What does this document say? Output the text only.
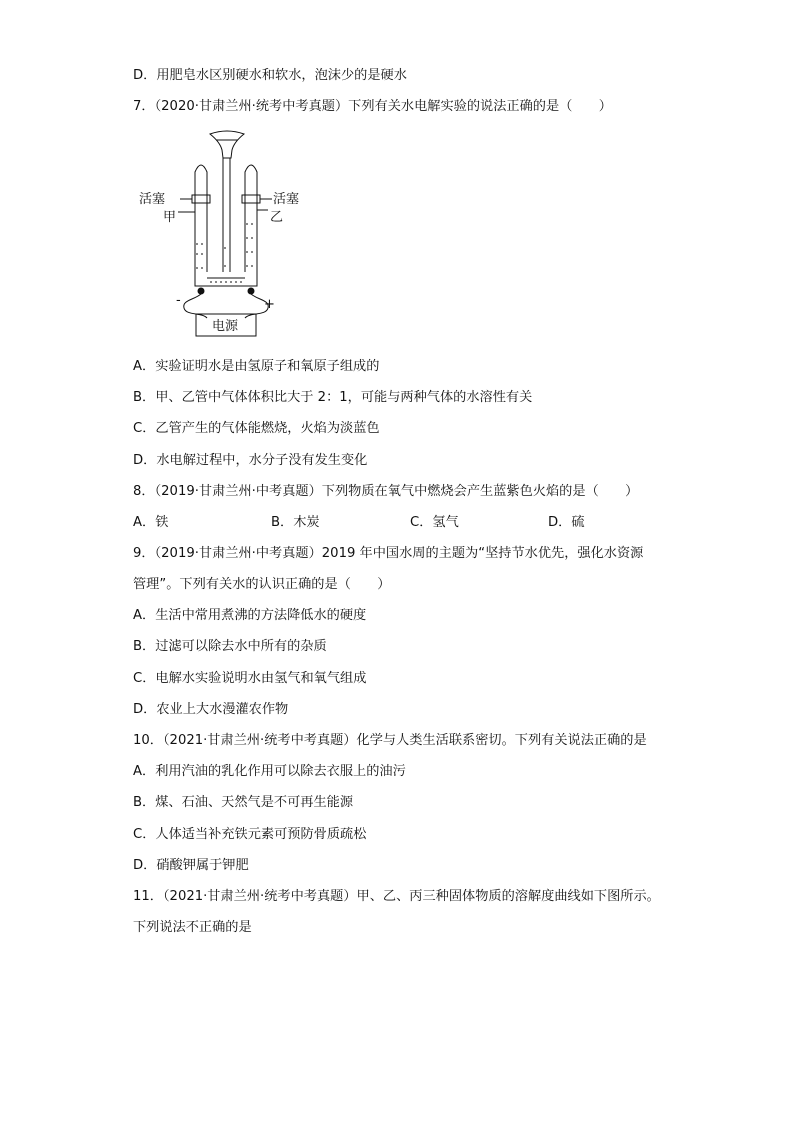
D．用肥皂水区别硬水和软水，泡沫少的是硬水

7．（2020·甘肃兰州·统考中考真题）下列有关水电解实验的说法正确的是（　　）

活塞	活塞
甲	乙
-	+
电源

A．实验证明水是由氢原子和氧原子组成的

B．甲、乙管中气体体积比大于 2：1，可能与两种气体的水溶性有关

C．乙管产生的气体能燃烧，火焰为淡蓝色

D．水电解过程中，水分子没有发生变化

8．（2019·甘肃兰州·中考真题）下列物质在氧气中燃烧会产生蓝紫色火焰的是（　　）

A．铁	B．木炭	C．氢气	D．硫

9．（2019·甘肃兰州·中考真题）2019 年中国水周的主题为“坚持节水优先，强化水资源

管理”。下列有关水的认识正确的是（　　）

A．生活中常用煮沸的方法降低水的硬度

B．过滤可以除去水中所有的杂质

C．电解水实验说明水由氢气和氧气组成

D．农业上大水漫灌农作物

10．（2021·甘肃兰州·统考中考真题）化学与人类生活联系密切。下列有关说法正确的是

A．利用汽油的乳化作用可以除去衣服上的油污

B．煤、石油、天然气是不可再生能源

C．人体适当补充铁元素可预防骨质疏松

D．硝酸钾属于钾肥

11．（2021·甘肃兰州·统考中考真题）甲、乙、丙三种固体物质的溶解度曲线如下图所示。

下列说法不正确的是
